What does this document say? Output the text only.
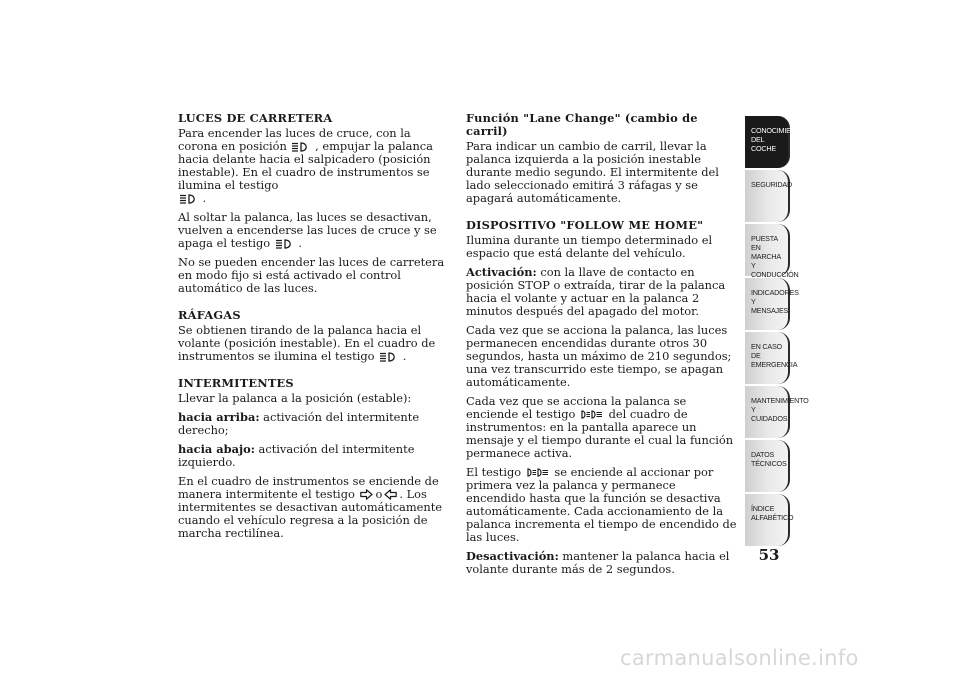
LUCES DE CARRETERA
Para encender las luces de cruce, con la corona en posición , empujar la palanca hacia delante hacia el salpicadero (posición inestable). En el cuadro de instrumentos se ilumina el testigo

.
Al soltar la palanca, las luces se desactivan, vuelven a encenderse las luces de cruce y se apaga el testigo .
No se pueden encender las luces de carretera en modo fijo si está activado el control automático de las luces.
RÁFAGAS
Se obtienen tirando de la palanca hacia el volante (posición inestable). En el cuadro de instrumentos se ilumina el testigo .
INTERMITENTES
Llevar la palanca a la posición (estable):
hacia arriba: activación del intermitente derecho;
hacia abajo: activación del intermitente izquierdo.
En el cuadro de instrumentos se enciende de manera intermitente el testigo o . Los intermitentes se desactivan automáticamente cuando el vehículo regresa a la posición de marcha rectilínea.
Función "Lane Change" (cambio de carril)
Para indicar un cambio de carril, llevar la palanca izquierda a la posición inestable durante medio segundo. El intermitente del lado seleccionado emitirá 3 ráfagas y se apagará automáticamente.
DISPOSITIVO "FOLLOW ME HOME"
Ilumina durante un tiempo determinado el espacio que está delante del vehículo.
Activación: con la llave de contacto en posición STOP o extraída, tirar de la palanca hacia el volante y actuar en la palanca 2 minutos después del apagado del motor.
Cada vez que se acciona la palanca, las luces permanecen encendidas durante otros 30 segundos, hasta un máximo de 210 segundos; una vez transcurrido este tiempo, se apagan automáticamente.
Cada vez que se acciona la palanca se enciende el testigo	del cuadro de instrumentos: en la pantalla aparece un mensaje y el tiempo durante el cual la función permanece activa.
El testigo	se enciende al accionar por primera vez la palanca y permanece encendido hasta que la función se desactiva automáticamente. Cada accionamiento de la palanca incrementa el tiempo de encendido de las luces.
Desactivación: mantener la palanca hacia el volante durante más de 2 segundos.
CONOCIMIENTO DEL COCHE
SEGURIDAD
PUESTA EN MARCHA Y CONDUCCIÓN
INDICADORES Y MENSAJES
EN CASO DE EMERGENCIA
MANTENIMIENTO Y CUIDADOS
DATOS TÉCNICOS
ÍNDICE ALFABÉTICO
53
carmanualsonline.info
